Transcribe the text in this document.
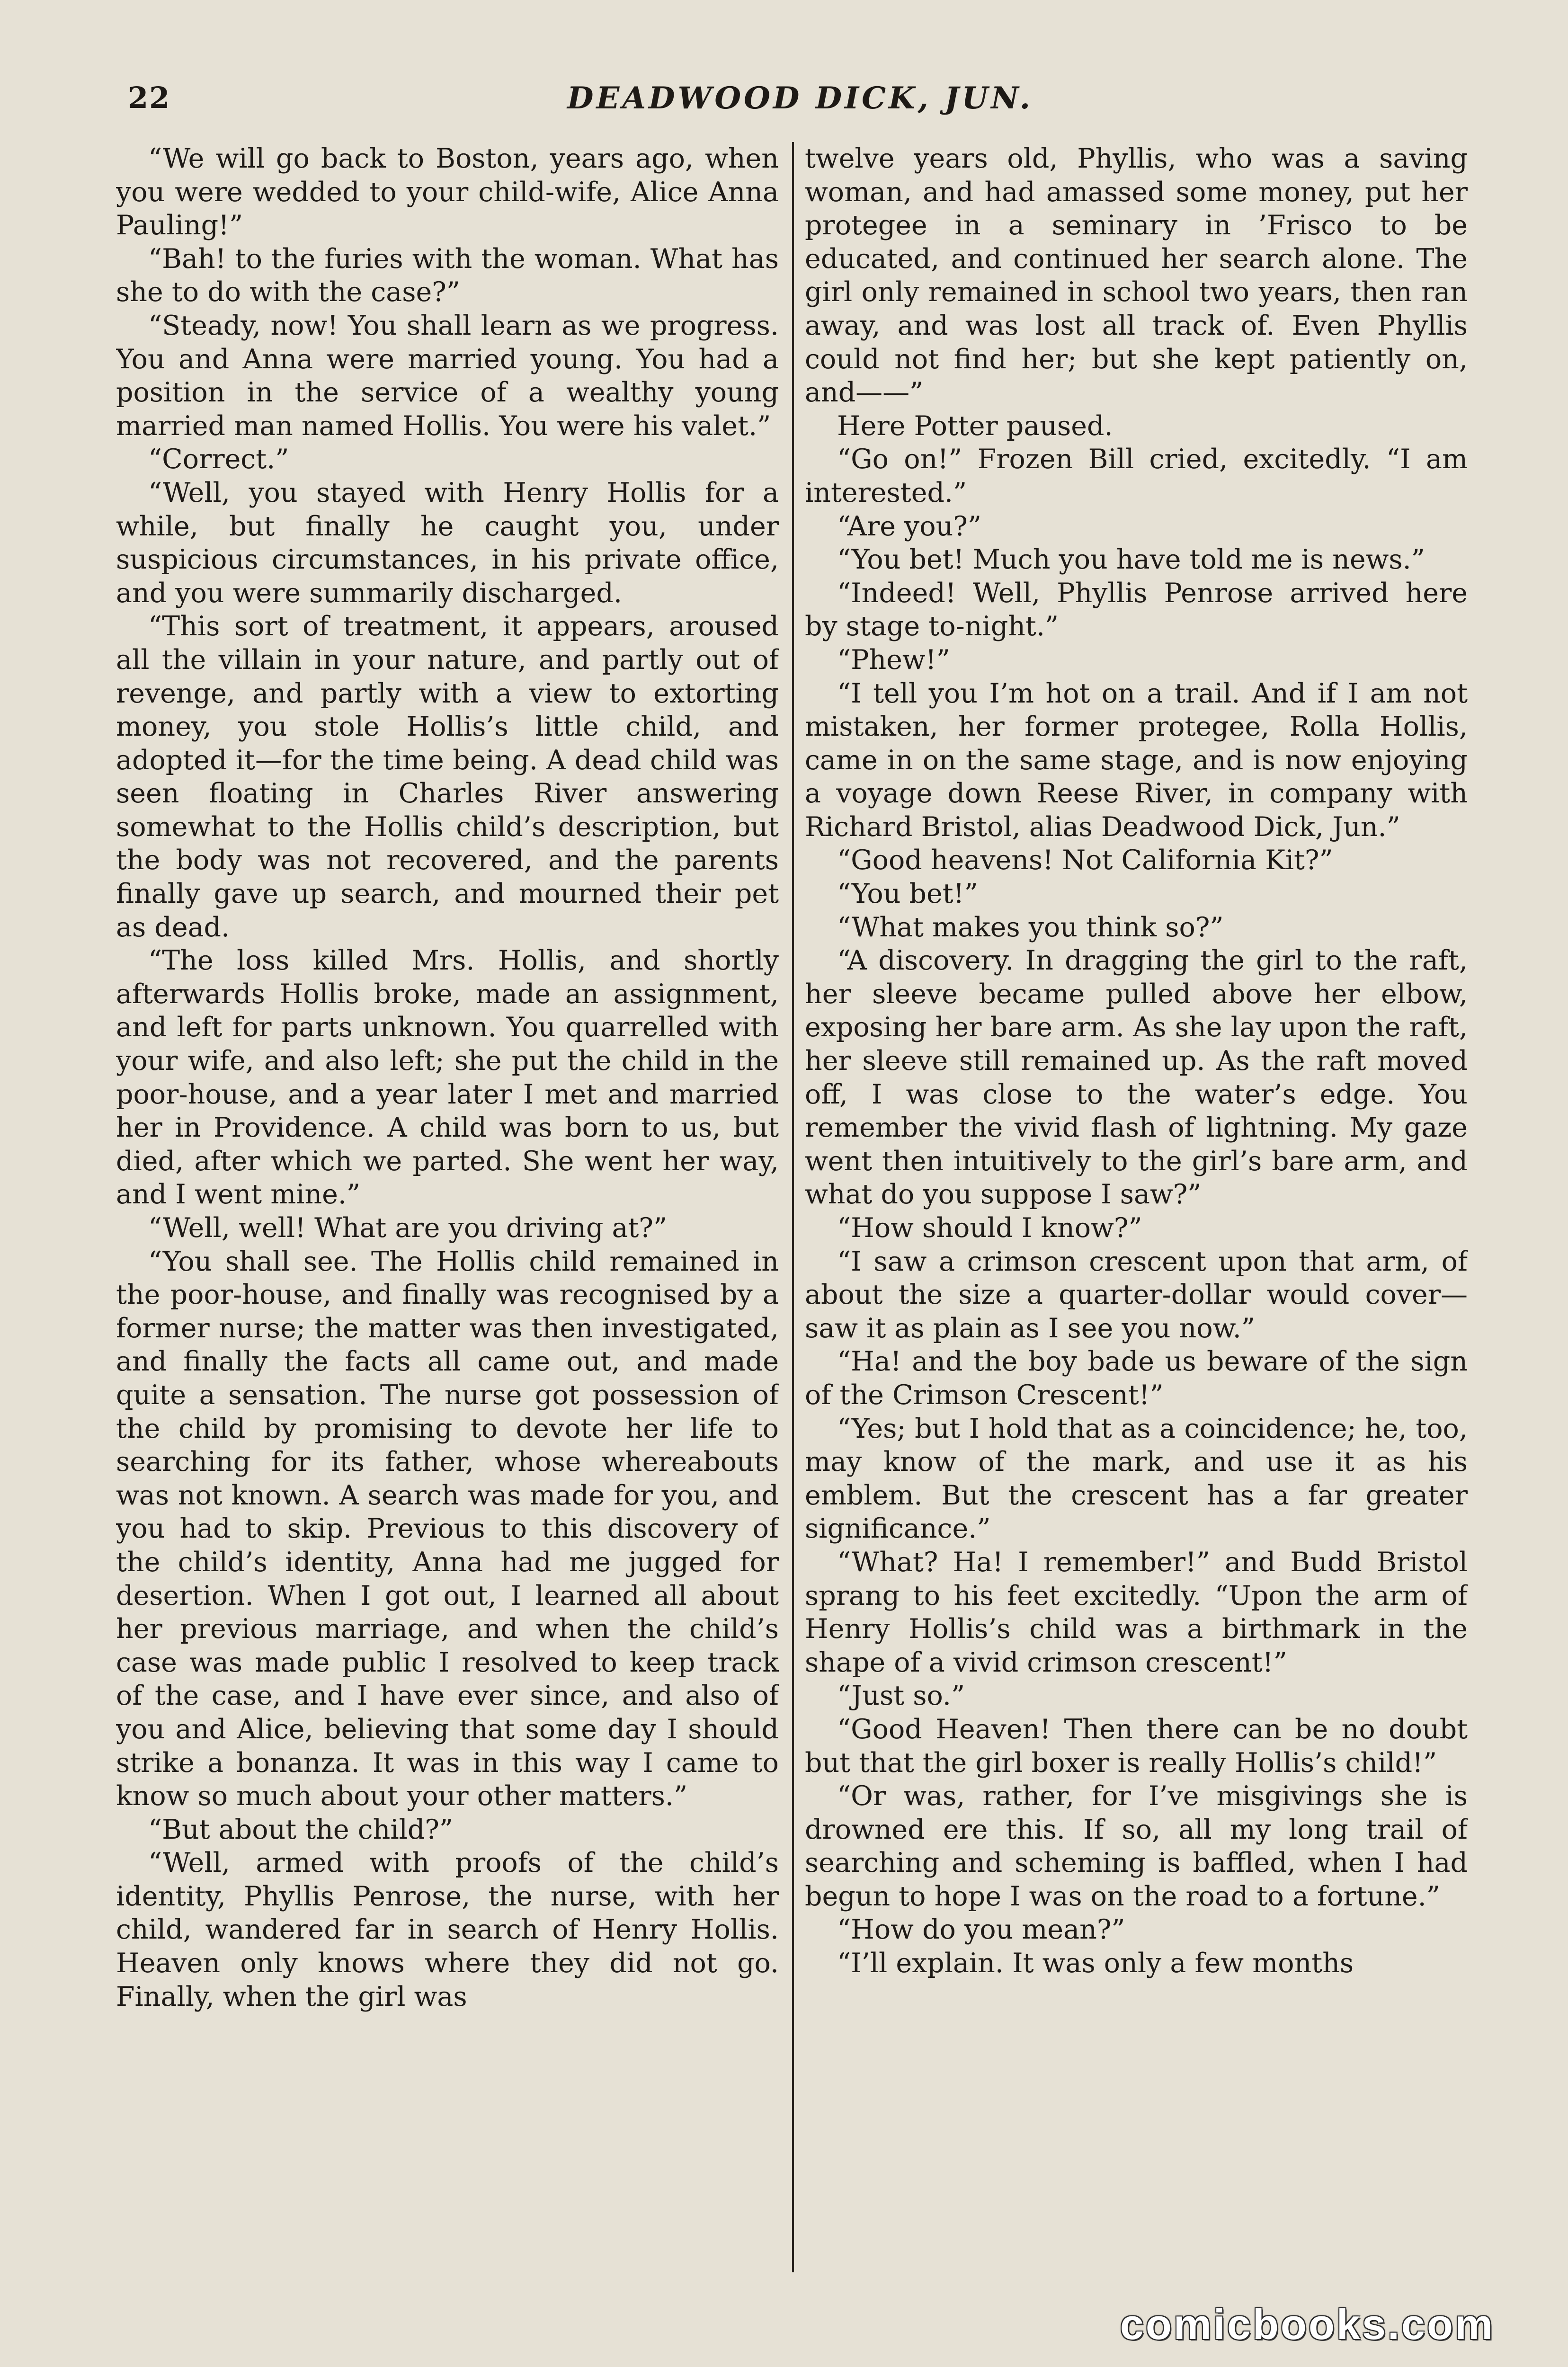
22	DEADWOOD DICK, JUN.

“We will go back to Boston, years ago, when you were wedded to your child-wife, Alice Anna Pauling!”

“Bah! to the furies with the woman. What has she to do with the case?”

“Steady, now! You shall learn as we progress. You and Anna were married young. You had a position in the service of a wealthy young married man named Hollis. You were his valet.”

“Correct.”

“Well, you stayed with Henry Hollis for a while, but finally he caught you, under suspicious circumstances, in his private office, and you were summarily discharged.

“This sort of treatment, it appears, aroused all the villain in your nature, and partly out of revenge, and partly with a view to extorting money, you stole Hollis’s little child, and adopted it—for the time being. A dead child was seen floating in Charles River answering somewhat to the Hollis child’s description, but the body was not recovered, and the parents finally gave up search, and mourned their pet as dead.

“The loss killed Mrs. Hollis, and shortly afterwards Hollis broke, made an assignment, and left for parts unknown. You quarrelled with your wife, and also left; she put the child in the poor-house, and a year later I met and married her in Providence. A child was born to us, but died, after which we parted. She went her way, and I went mine.”

“Well, well! What are you driving at?”

“You shall see. The Hollis child remained in the poor-house, and finally was recognised by a former nurse; the matter was then investigated, and finally the facts all came out, and made quite a sensation. The nurse got possession of the child by promising to devote her life to searching for its father, whose whereabouts was not known. A search was made for you, and you had to skip. Previous to this discovery of the child’s identity, Anna had me jugged for desertion. When I got out, I learned all about her previous marriage, and when the child’s case was made public I resolved to keep track of the case, and I have ever since, and also of you and Alice, believing that some day I should strike a bonanza. It was in this way I came to know so much about your other matters.”

“But about the child?”

“Well, armed with proofs of the child’s identity, Phyllis Penrose, the nurse, with her child, wandered far in search of Henry Hollis. Heaven only knows where they did not go. Finally, when the girl was

twelve years old, Phyllis, who was a saving woman, and had amassed some money, put her protegee in a seminary in ’Frisco to be educated, and continued her search alone. The girl only remained in school two years, then ran away, and was lost all track of. Even Phyllis could not find her; but she kept patiently on, and——”

Here Potter paused.

“Go on!” Frozen Bill cried, excitedly. “I am interested.”

“Are you?”

“You bet! Much you have told me is news.”

“Indeed! Well, Phyllis Penrose arrived here by stage to-night.”

“Phew!”

“I tell you I’m hot on a trail. And if I am not mistaken, her former protegee, Rolla Hollis, came in on the same stage, and is now enjoying a voyage down Reese River, in company with Richard Bristol, alias Deadwood Dick, Jun.”

“Good heavens! Not California Kit?”

“You bet!”

“What makes you think so?”

“A discovery. In dragging the girl to the raft, her sleeve became pulled above her elbow, exposing her bare arm. As she lay upon the raft, her sleeve still remained up. As the raft moved off, I was close to the water’s edge. You remember the vivid flash of lightning. My gaze went then intuitively to the girl’s bare arm, and what do you suppose I saw?”

“How should I know?”

“I saw a crimson crescent upon that arm, of about the size a quarter-dollar would cover—saw it as plain as I see you now.”

“Ha! and the boy bade us beware of the sign of the Crimson Crescent!”

“Yes; but I hold that as a coincidence; he, too, may know of the mark, and use it as his emblem. But the crescent has a far greater significance.”

“What? Ha! I remember!” and Budd Bristol sprang to his feet excitedly. “Upon the arm of Henry Hollis’s child was a birthmark in the shape of a vivid crimson crescent!”

“Just so.”

“Good Heaven! Then there can be no doubt but that the girl boxer is really Hollis’s child!”

“Or was, rather, for I’ve misgivings she is drowned ere this. If so, all my long trail of searching and scheming is baffled, when I had begun to hope I was on the road to a fortune.”

“How do you mean?”

“I’ll explain. It was only a few months

comicbooks.com
